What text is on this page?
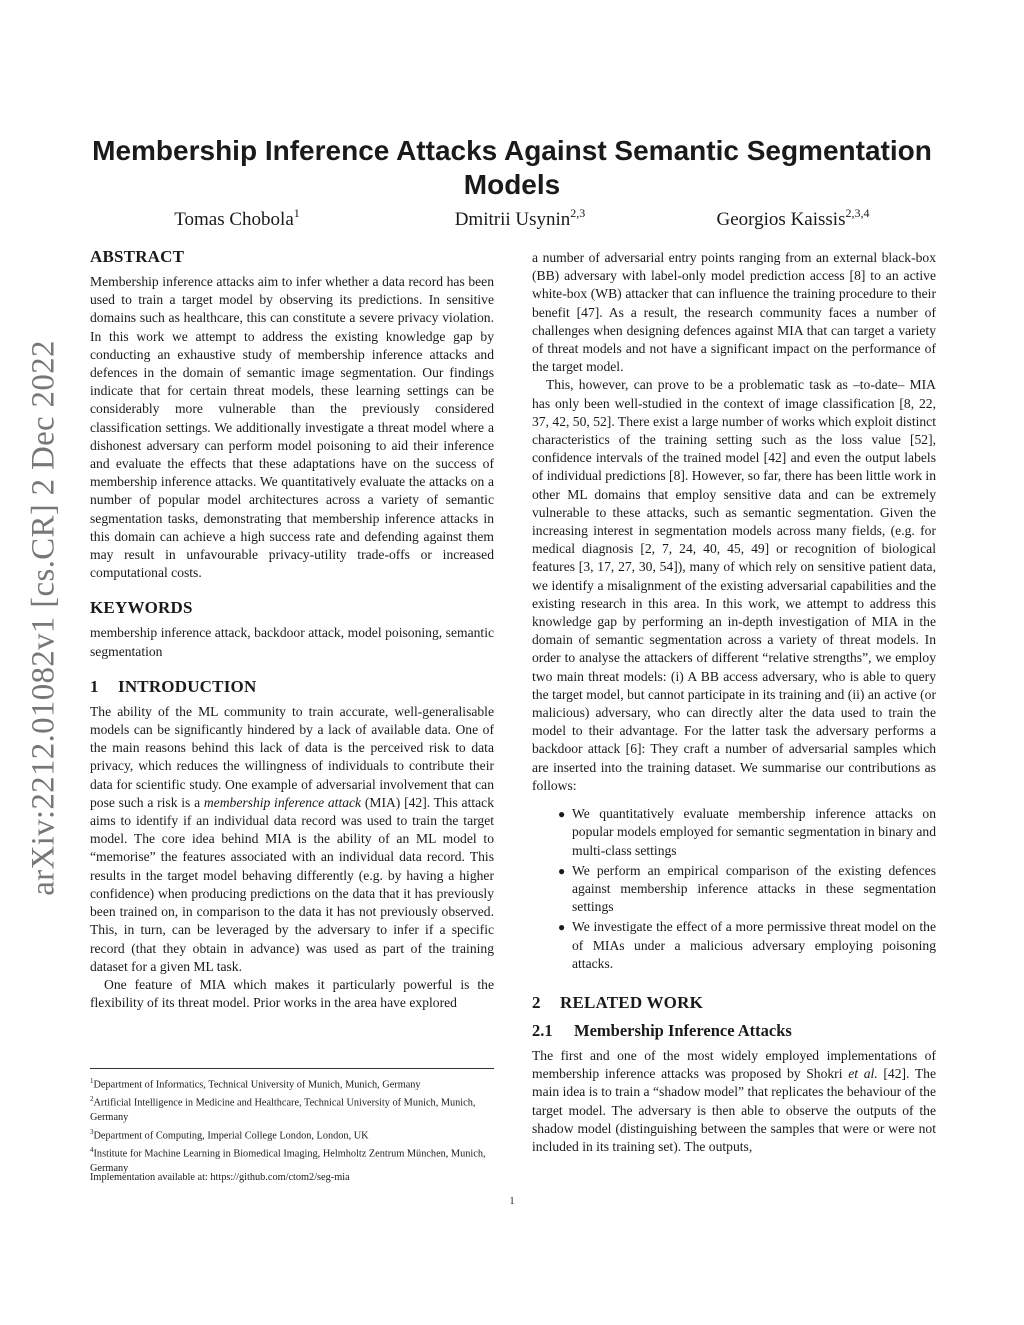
arXiv:2212.01082v1 [cs.CR] 2 Dec 2022
Membership Inference Attacks Against Semantic Segmentation Models
Tomas Chobola$^1$	Dmitrii Usynin$^{2,3}$	Georgios Kaissis$^{2,3,4}$
ABSTRACT

Membership inference attacks aim to infer whether a data record has been used to train a target model by observing its predictions. In sensitive domains such as healthcare, this can constitute a severe privacy violation. In this work we attempt to address the existing knowledge gap by conducting an exhaustive study of membership inference attacks and defences in the domain of semantic image segmentation. Our findings indicate that for certain threat models, these learning settings can be considerably more vulnerable than the previously considered classification settings. We additionally investigate a threat model where a dishonest adversary can perform model poisoning to aid their inference and evaluate the effects that these adaptations have on the success of membership inference attacks. We quantitatively evaluate the attacks on a number of popular model architectures across a variety of semantic segmentation tasks, demonstrating that membership inference attacks in this domain can achieve a high success rate and defending against them may result in unfavourable privacy-utility trade-offs or increased computational costs.

KEYWORDS

membership inference attack, backdoor attack, model poisoning, semantic segmentation

1 INTRODUCTION

The ability of the ML community to train accurate, well-generalisable models can be significantly hindered by a lack of available data. One of the main reasons behind this lack of data is the perceived risk to data privacy, which reduces the willingness of individuals to contribute their data for scientific study. One example of adversarial involvement that can pose such a risk is a membership inference attack (MIA) [42]. This attack aims to identify if an individual data record was used to train the target model. The core idea behind MIA is the ability of an ML model to “memorise” the features associated with an individual data record. This results in the target model behaving differently (e.g. by having a higher confidence) when producing predictions on the data that it has previously been trained on, in comparison to the data it has not previously observed. This, in turn, can be leveraged by the adversary to infer if a specific record (that they obtain in advance) was used as part of the training dataset for a given ML task.

One feature of MIA which makes it particularly powerful is the flexibility of its threat model. Prior works in the area have explored

a number of adversarial entry points ranging from an external black-box (BB) adversary with label-only model prediction access [8] to an active white-box (WB) attacker that can influence the training procedure to their benefit [47]. As a result, the research community faces a number of challenges when designing defences against MIA that can target a variety of threat models and not have a significant impact on the performance of the target model.

This, however, can prove to be a problematic task as –to-date– MIA has only been well-studied in the context of image classification [8, 22, 37, 42, 50, 52]. There exist a large number of works which exploit distinct characteristics of the training setting such as the loss value [52], confidence intervals of the trained model [42] and even the output labels of individual predictions [8]. However, so far, there has been little work in other ML domains that employ sensitive data and can be extremely vulnerable to these attacks, such as semantic segmentation. Given the increasing interest in segmentation models across many fields, (e.g. for medical diagnosis [2, 7, 24, 40, 45, 49] or recognition of biological features [3, 17, 27, 30, 54]), many of which rely on sensitive patient data, we identify a misalignment of the existing adversarial capabilities and the existing research in this area. In this work, we attempt to address this knowledge gap by performing an in-depth investigation of MIA in the domain of semantic segmentation across a variety of threat models. In order to analyse the attackers of different “relative strengths”, we employ two main threat models: (i) A BB access adversary, who is able to query the target model, but cannot participate in its training and (ii) an active (or malicious) adversary, who can directly alter the data used to train the model to their advantage. For the latter task the adversary performs a backdoor attack [6]: They craft a number of adversarial samples which are inserted into the training dataset. We summarise our contributions as follows:

● We quantitatively evaluate membership inference attacks on popular models employed for semantic segmentation in binary and multi-class settings
● We perform an empirical comparison of the existing defences against membership inference attacks in these segmentation settings
● We investigate the effect of a more permissive threat model on the of MIAs under a malicious adversary employing poisoning attacks.
2 RELATED WORK
2.1 Membership Inference Attacks

The first and one of the most widely employed implementations of membership inference attacks was proposed by Shokri et al. [42]. The main idea is to train a “shadow model” that replicates the behaviour of the target model. The adversary is then able to observe the outputs of the shadow model (distinguishing between the samples that were or were not included in its training set). The outputs,

$^1$Department of Informatics, Technical University of Munich, Munich, Germany

$^2$Artificial Intelligence in Medicine and Healthcare, Technical University of Munich, Munich, Germany

$^3$Department of Computing, Imperial College London, London, UK

$^4$Institute for Machine Learning in Biomedical Imaging, Helmholtz Zentrum München, Munich, Germany

Implementation available at: https://github.com/ctom2/seg-mia
1
